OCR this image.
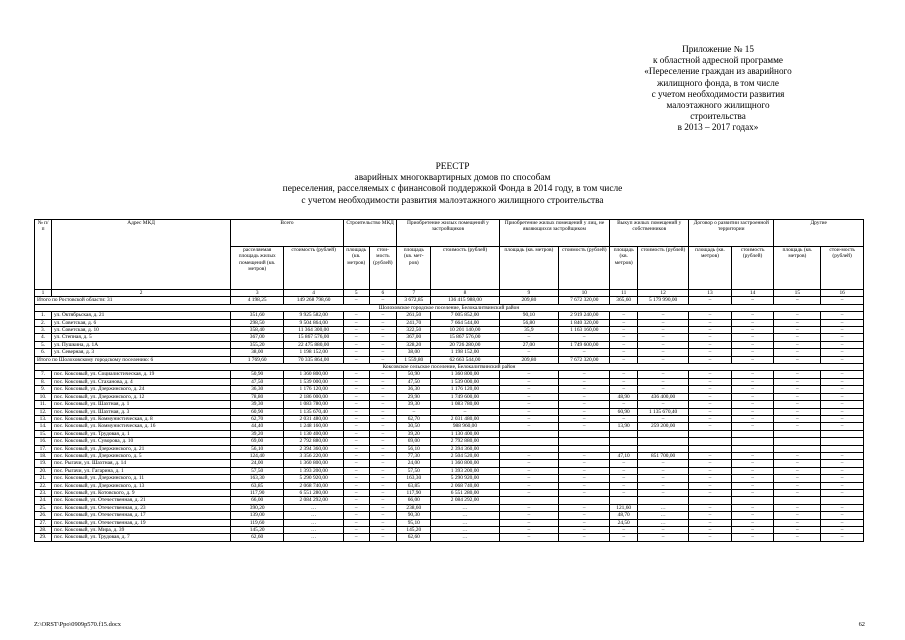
Приложение № 15
к областной адресной программе
«Переселение граждан из аварийного
жилищного фонда, в том числе
с учетом необходимости развития
малоэтажного жилищного
строительства
в 2013 – 2017 годах»
РЕЕСТР
аварийных многоквартирных домов по способам
переселения, расселяемых с финансовой поддержкой Фонда в 2014 году, в том числе
с учетом необходимости развития малоэтажного жилищного строительства
№ п/п	Адрес МКД	Всего		Строительство МКД		Приобретение жилых помещений у застройщиков		Приобретение жилых помещений у лиц, не являющихся застройщиком		Выкуп жилых помещений у собственников		Договор о развитии застроенной территории		Другие	
		расселяемая площадь жилых помещений (кв. метров)	стоимость (рублей)	площадь (кв. метров)	стои-мость (рублей)	площадь (кв. мет-ров)	стоимость (рублей)	площадь (кв. метров)	стоимость (рублей)	площадь (кв. метров)	стоимость (рублей)	площадь (кв. метров)	стоимость (рублей)	площадь (кв. метров)	стои-мость (рублей)
1	2	3	4	5	6	7	8	9	10	11	12	13	14	15	16
Итого по Ростовской области: 31		4 198,25	149 268 798,60	–	–	3 672,85	136 415 988,00	209,80	7 672 320,00	365,60	5 179 990,00	–	–	–	–
Шолоховское городское поселение, Белокалитвинский район															
1.	ул. Октябрьская, д. 21	351,60	9 925 582,00	–	–	261,50	7 005 852,00	90,10	2 919 240,00	–	–	–	–	–	–
2.	ул. Советская, д. 6	298,50	9 504 864,00	–	–	241,70	7 664 544,00	56,80	1 840 320,00	–	–	–	–	–	–
3.	ул. Советская, д. 10	358,40	11 364 300,00	–	–	322,50	10 201 140,00	35,9	1 163 160,00	–	–	–	–	–	–
4.	ул. Степная, д. 5	367,00	15 867 576,00	–	–	367,00	15 867 576,00	–	–	–	–	–	–	–	–
5.	ул. Пушкина, д. 1А	355,20	22 475 880,00	–	–	328,20	20 726 280,00	27,00	1 749 600,00	–	–	–	–	–	–
6.	ул. Северная, д. 3	38,00	1 198 152,00	–	–	38,00	1 198 152,00	–	–	–	–	–	–	–	–
Итого по Шолоховскому городскому поселению: 6		1 769,60	70 335 864,00	–	–	1 559,80	62 663 544,00	209,80	7 672 320,00	–	–	–	–	–	–
Коксовское сельское поселение, Белокалитвинский район															
7.	пос. Коксовый, ул. Социалистическая, д. 19	50,90	1 360 800,00	–	–	50,90	1 360 800,00	–	–	–	–	–	–	–	–
8.	пос. Коксовый, ул. Стаханова, д. 4	47,50	1 539 000,00	–	–	47,50	1 539 000,00	–	–	–	–	–	–	–	–
9.	пос. Коксовый, ул. Дзержинского, д. 24	36,30	1 176 120,00	–	–	36,30	1 176 120,00	–	–	–	–	–	–	–	–
10.	пос. Коксовый, ул. Дзержинского, д. 12	78,80	2 186 000,00	–	–	29,90	1 749 600,00	–	–	48,90	436 400,00	–	–	–	–
11.	пос. Коксовый, ул. Шахтная, д. 1	39,30	1 083 780,00	–	–	39,30	1 083 780,00	–	–	–	–	–	–	–	–
12.	пос. Коксовый, ул. Шахтная, д. 3	60,90	1 135 670,40	–	–	–	–	–	–	60,90	1 135 670,40	–	–	–	–
13.	пос. Коксовый, ул. Коммунистическая, д. 8	62,70	2 031 480,00	–	–	62,70	2 031 480,00	–	–	–	–	–	–	–	–
14.	пос. Коксовый, ул. Коммунистическая, д. 16	44,40	1 248 160,00	–	–	30,50	988 960,00	–	–	13,90	259 200,00	–	–	–	–
15.	пос. Коксовый, ул. Трудовая, д. 1	39,20	1 130 400,00	–	–	39,20	1 130 400,00								
16.	пос. Коксовый, ул. Суворова, д. 10	69,00	2 792 880,00	–	–	69,00	2 792 880,00								
17.	пос. Коксовый, ул. Дзержинского, д. 21	56,10	2 394 360,00	–	–	56,10	2 394 360,00								
18.	пос. Коксовый, ул. Дзержинского, д. 5	124,40	3 356 220,00	–	–	77,30	2 504 520,00	–	–	47,10	851 700,00	–	–	–	–
19.	пос. Рыгачи, ул. Шахтная, д. 14	24,00	1 360 800,00	–	–	24,00	1 360 800,00	–	–	–	–	–	–	–	–
20.	пос. Рыгачи, ул. Гагарина, д. 1	57,50	1 393 200,00	–	–	57,50	1 393 200,00	–	–	–	–	–	–	–	–
21.	пос. Коксовый, ул. Дзержинского, д. 11	163,30	5 290 920,00	–	–	163,30	5 290 920,00	–	–	–	–	–	–	–	–
22.	пос. Коксовый, ул. Дзержинского, д. 13	63,85	2 068 740,00	–	–	63,85	2 068 740,00	–	–	–	–	–	–	–	–
23.	пос. Коксовый, ул. Котовского, д. 9	117,90	6 551 280,00	–	–	117,90	6 551 280,00	–	–	–	–	–	–	–	–
24.	пос. Коксовый, ул. Отечественная, д. 21	66,00	2 084 292,00	–	–	66,00	2 084 292,00								
25.	пос. Коксовый, ул. Отечественная, д. 23	390,20	…	–	–	238,60	…	–	–	121,60	…	–	–	–	–
26.	пос. Коксовый, ул. Отечественная, д. 17	139,00	…	–	–	90,30	…	–	–	48,70	…	–	–	–	–
27.	пос. Коксовый, ул. Отечественная, д. 19	119,60	…	–	–	95,10	…	–	–	24,50	…	–	–	–	–
28.	пос. Коксовый, ул. Мира, д. 39	145,20	…	–	–	145,20	…	–	–	–	–	–	–	–	–
29.	пос. Коксовый, ул. Трудовая, д. 7	62,60	…	–	–	62,60	…	–	–	–	–	–	–	–	–
Z:\ORST\Ppo\0909p570.f15.docx	62
